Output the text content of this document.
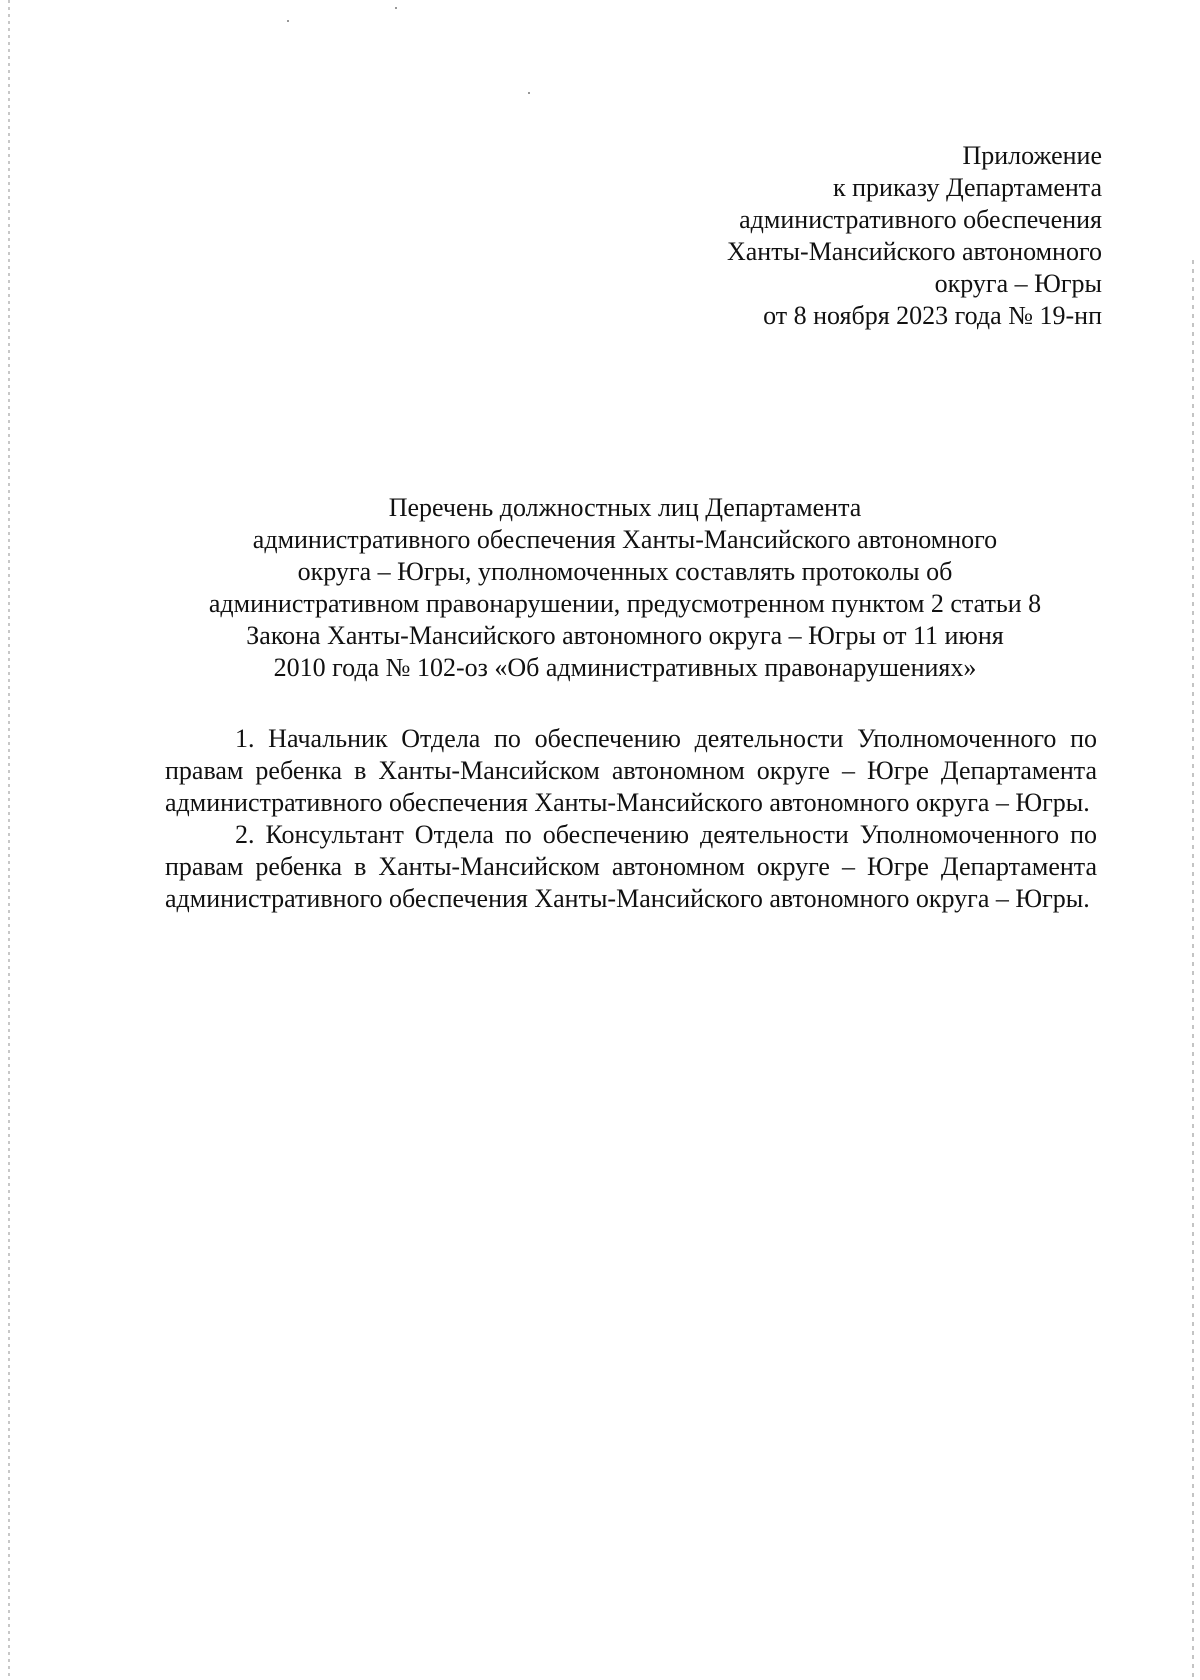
Приложение
к приказу Департамента
административного обеспечения
Ханты-Мансийского автономного
округа – Югры
от 8 ноября 2023 года № 19-нп
Перечень должностных лиц Департамента
административного обеспечения Ханты-Мансийского автономного
округа – Югры, уполномоченных составлять протоколы об
административном правонарушении, предусмотренном пунктом 2 статьи 8
Закона Ханты-Мансийского автономного округа – Югры от 11 июня
2010 года № 102-оз «Об административных правонарушениях»

1. Начальник Отдела по обеспечению деятельности Уполномоченного по правам ребенка в Ханты-Мансийском автономном округе – Югре Департамента административного обеспечения Ханты-Мансийского автономного округа – Югры.

2. Консультант Отдела по обеспечению деятельности Уполномоченного по правам ребенка в Ханты-Мансийском автономном округе – Югре Департамента административного обеспечения Ханты-Мансийского автономного округа – Югры.
